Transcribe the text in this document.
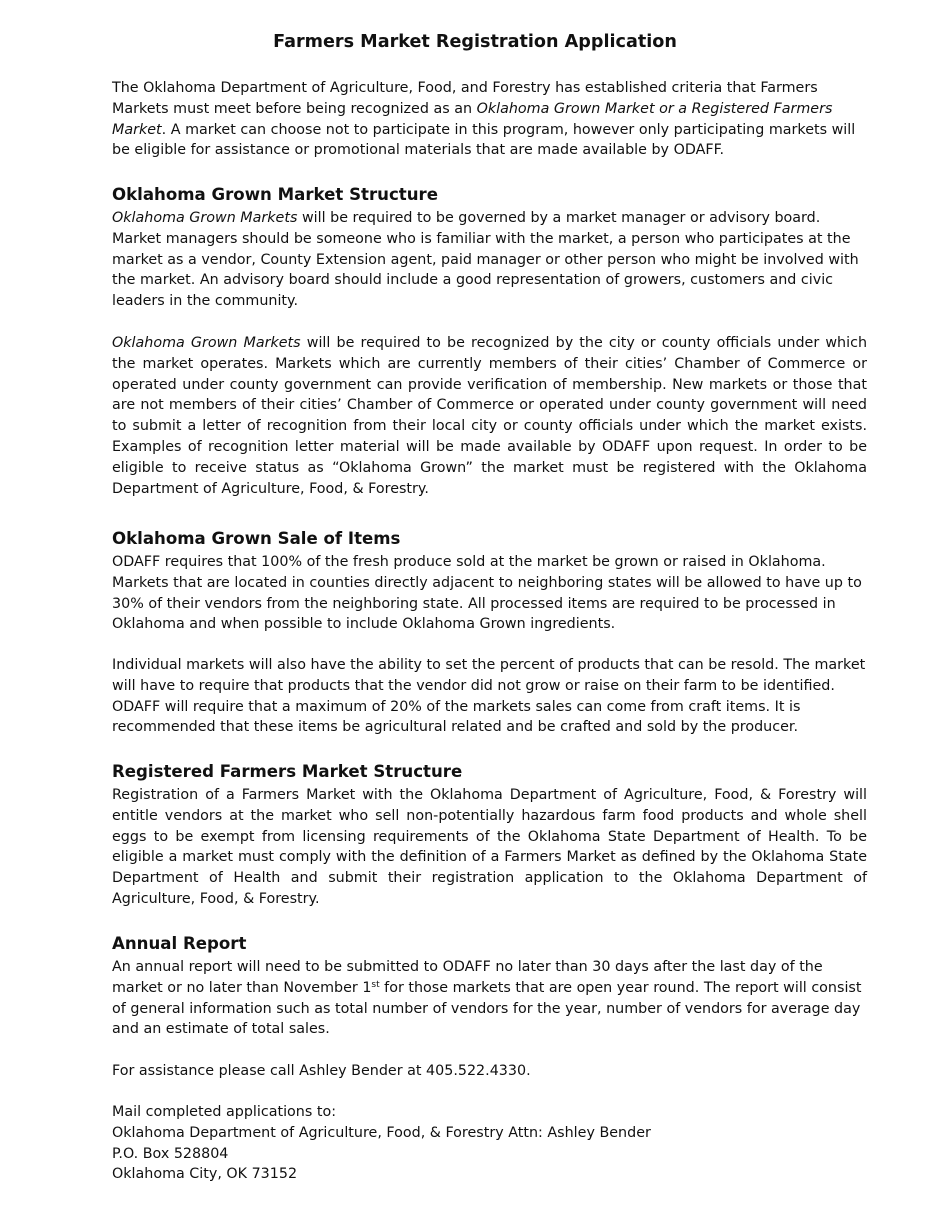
Farmers Market Registration Application

The Oklahoma Department of Agriculture, Food, and Forestry has established criteria that Farmers Markets must meet before being recognized as an Oklahoma Grown Market or a Registered Farmers Market. A market can choose not to participate in this program, however only participating markets will be eligible for assistance or promotional materials that are made available by ODAFF.

Oklahoma Grown Market Structure

Oklahoma Grown Markets will be required to be governed by a market manager or advisory board. Market managers should be someone who is familiar with the market, a person who participates at the market as a vendor, County Extension agent, paid manager or other person who might be involved with the market. An advisory board should include a good representation of growers, customers and civic leaders in the community.

Oklahoma Grown Markets will be required to be recognized by the city or county officials under which the market operates. Markets which are currently members of their cities’ Chamber of Commerce or operated under county government can provide verification of membership. New markets or those that are not members of their cities’ Chamber of Commerce or operated under county government will need to submit a letter of recognition from their local city or county officials under which the market exists. Examples of recognition letter material will be made available by ODAFF upon request. In order to be eligible to receive status as “Oklahoma Grown” the market must be registered with the Oklahoma Department of Agriculture, Food, & Forestry.

Oklahoma Grown Sale of Items

ODAFF requires that 100% of the fresh produce sold at the market be grown or raised in Oklahoma. Markets that are located in counties directly adjacent to neighboring states will be allowed to have up to 30% of their vendors from the neighboring state. All processed items are required to be processed in Oklahoma and when possible to include Oklahoma Grown ingredients.

Individual markets will also have the ability to set the percent of products that can be resold. The market will have to require that products that the vendor did not grow or raise on their farm to be identified. ODAFF will require that a maximum of 20% of the markets sales can come from craft items. It is recommended that these items be agricultural related and be crafted and sold by the producer.

Registered Farmers Market Structure

Registration of a Farmers Market with the Oklahoma Department of Agriculture, Food, & Forestry will entitle vendors at the market who sell non-potentially hazardous farm food products and whole shell eggs to be exempt from licensing requirements of the Oklahoma State Department of Health. To be eligible a market must comply with the definition of a Farmers Market as defined by the Oklahoma State Department of Health and submit their registration application to the Oklahoma Department of Agriculture, Food, & Forestry.

Annual Report

An annual report will need to be submitted to ODAFF no later than 30 days after the last day of the market or no later than November 1st for those markets that are open year round. The report will consist of general information such as total number of vendors for the year, number of vendors for average day and an estimate of total sales.

For assistance please call Ashley Bender at 405.522.4330.

Mail completed applications to:
Oklahoma Department of Agriculture, Food, & Forestry Attn: Ashley Bender
P.O. Box 528804
Oklahoma City, OK 73152
